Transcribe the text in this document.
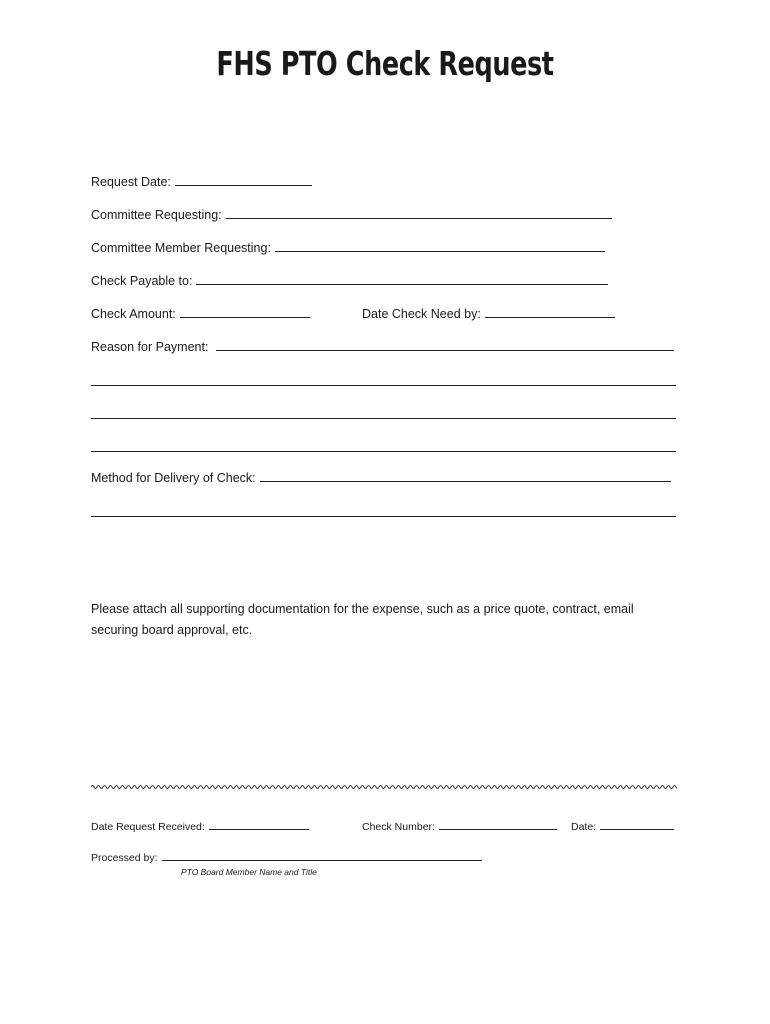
FHS PTO Check Request
Request Date:
Committee Requesting:
Committee Member Requesting:
Check Payable to:
Check Amount:	Date Check Need by:
Reason for Payment:
Method for Delivery of Check:
Please attach all supporting documentation for the expense, such as a price quote, contract, email securing board approval, etc.
Date Request Received:	Check Number:	Date:
Processed by:
PTO Board Member Name and Title
